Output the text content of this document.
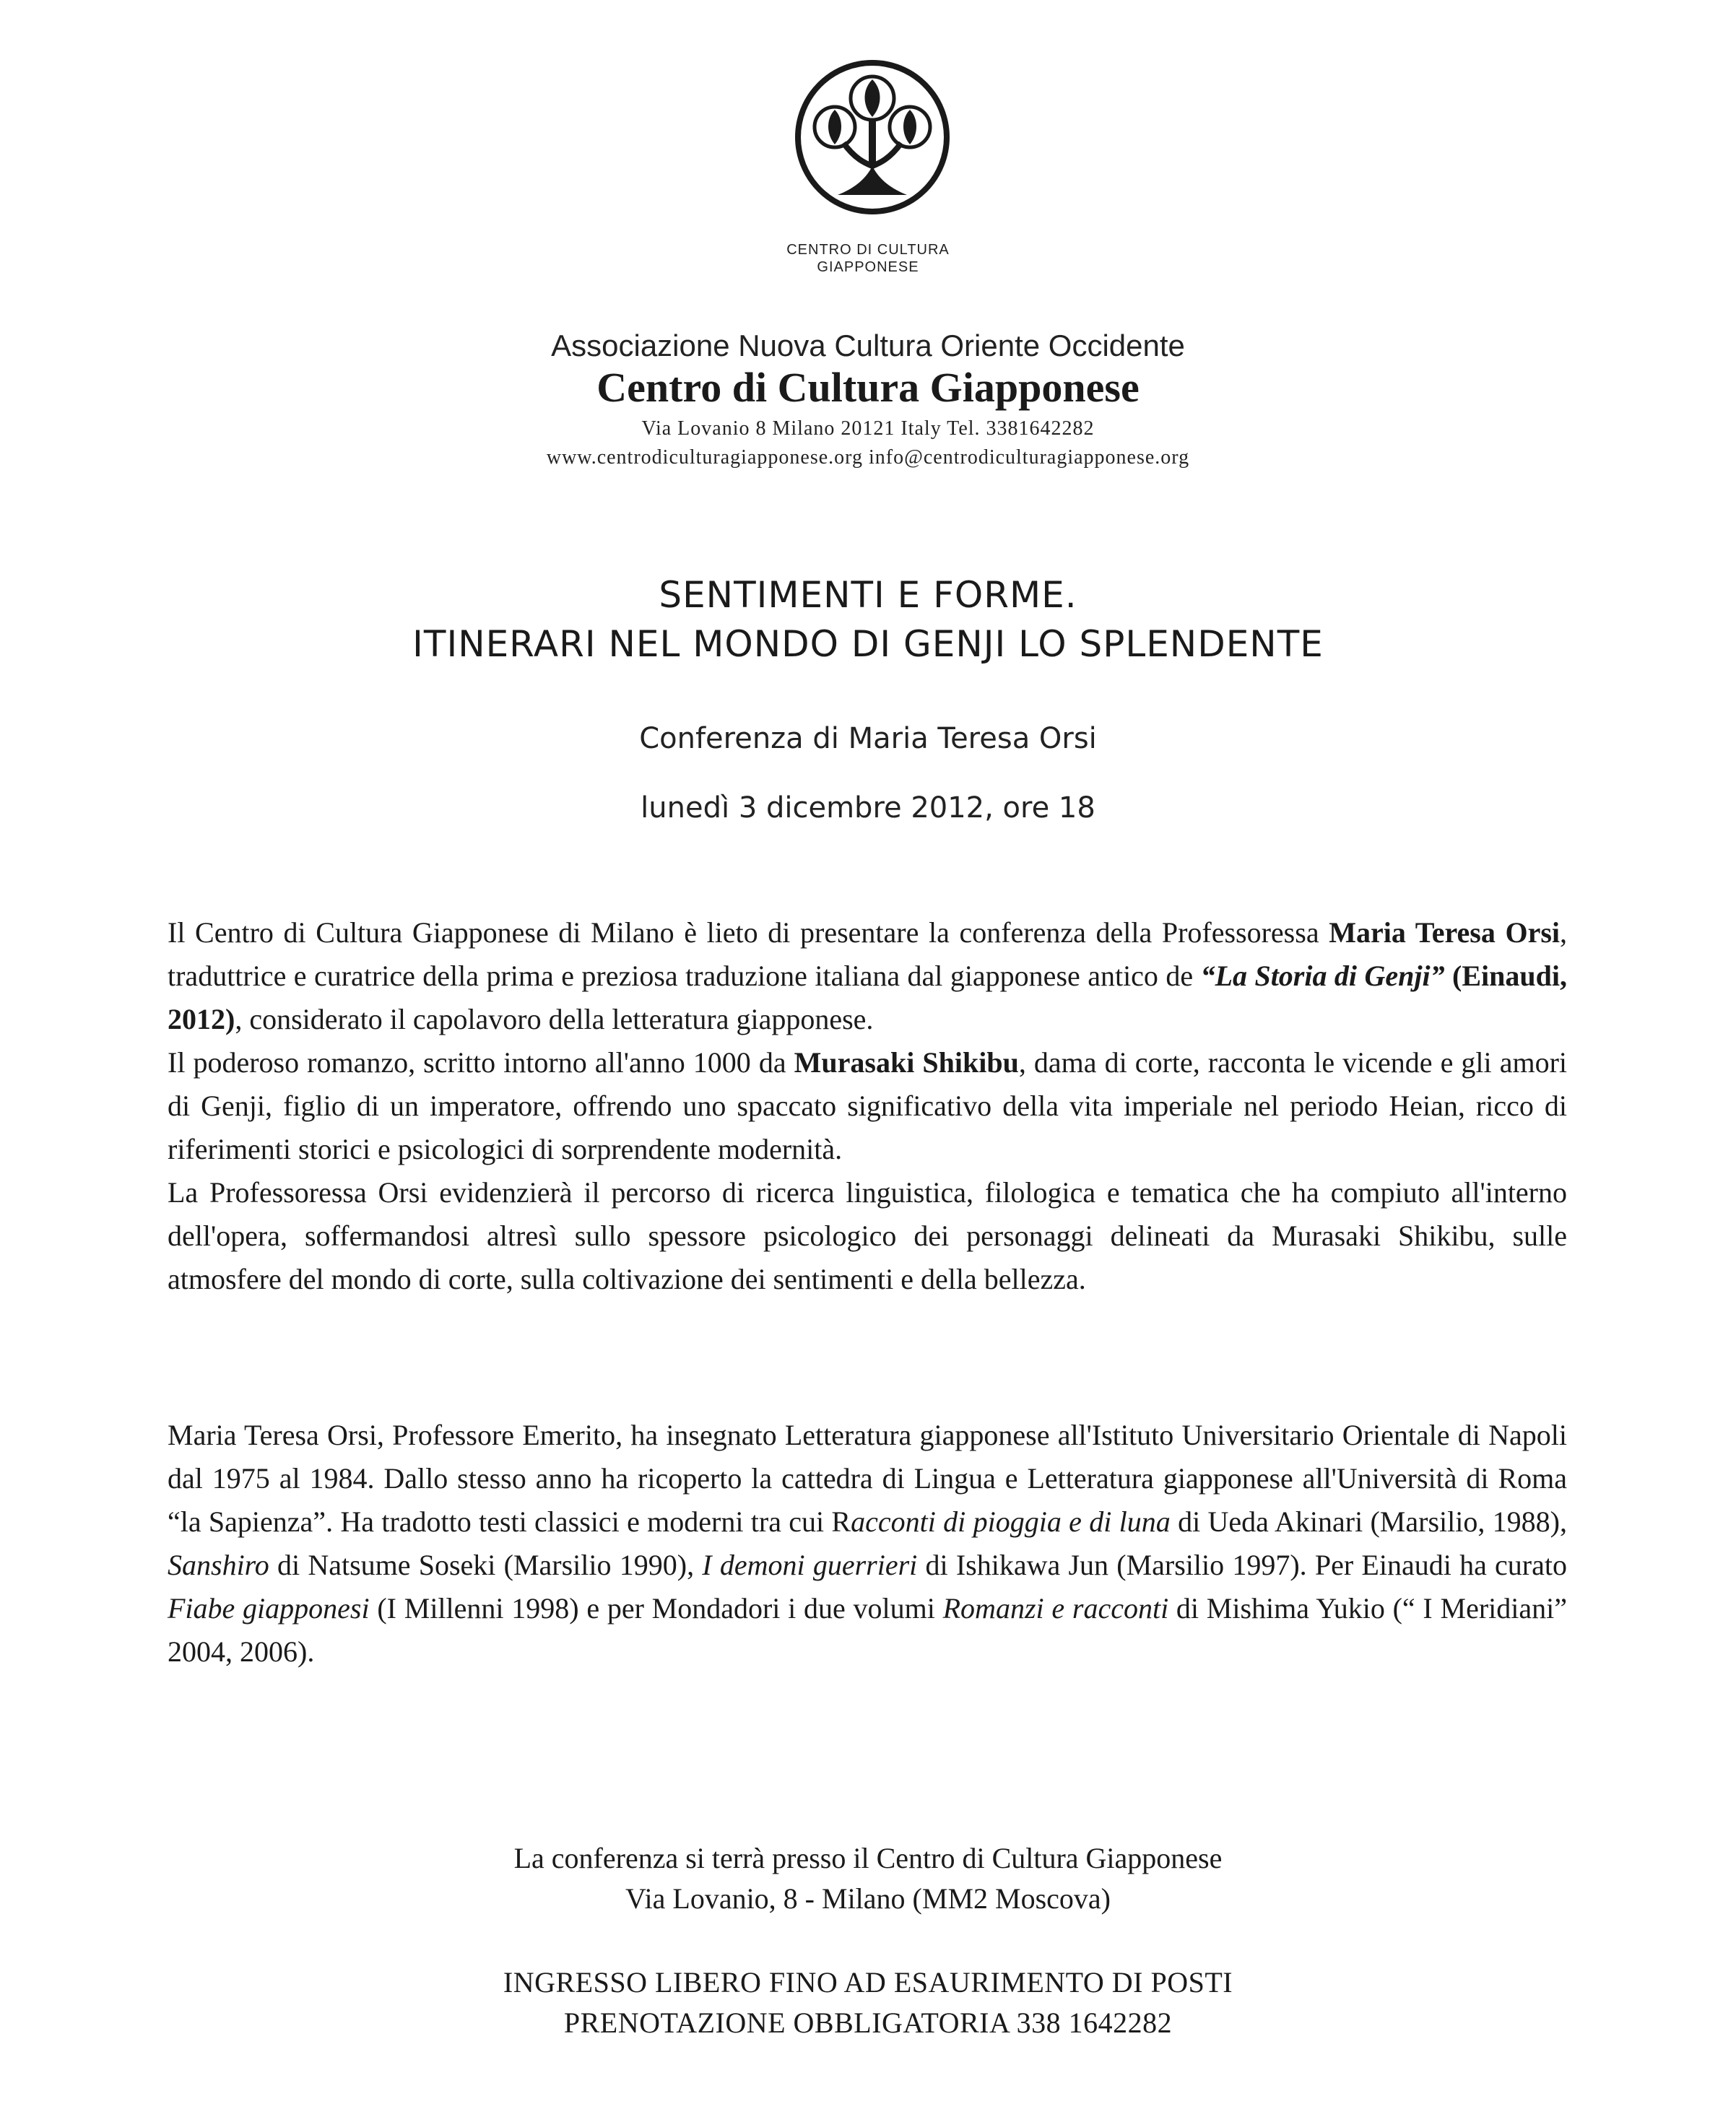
CENTRO DI CULTURA
GIAPPONESE
Associazione Nuova Cultura Oriente Occidente
Centro di Cultura Giapponese
Via Lovanio 8 Milano 20121 Italy Tel. 3381642282
www.centrodiculturagiapponese.org info@centrodiculturagiapponese.org
SENTIMENTI E FORME.
ITINERARI NEL MONDO DI GENJI LO SPLENDENTE
Conferenza di Maria Teresa Orsi
lunedì 3 dicembre 2012, ore 18

Il Centro di Cultura Giapponese di Milano è lieto di presentare la conferenza della Professoressa Maria Teresa Orsi, traduttrice e curatrice della prima e preziosa traduzione italiana dal giapponese antico de “La Storia di Genji” (Einaudi, 2012), considerato il capolavoro della letteratura giapponese.

Il poderoso romanzo, scritto intorno all'anno 1000 da Murasaki Shikibu, dama di corte, racconta le vicende e gli amori di Genji, figlio di un imperatore, offrendo uno spaccato significativo della vita imperiale nel periodo Heian, ricco di riferimenti storici e psicologici di sorprendente modernità.

La Professoressa Orsi evidenzierà il percorso di ricerca linguistica, filologica e tematica che ha compiuto all'interno dell'opera, soffermandosi altresì sullo spessore psicologico dei personaggi delineati da Murasaki Shikibu, sulle atmosfere del mondo di corte, sulla coltivazione dei sentimenti e della bellezza.

Maria Teresa Orsi, Professore Emerito, ha insegnato Letteratura giapponese all'Istituto Universitario Orientale di Napoli dal 1975 al 1984. Dallo stesso anno ha ricoperto la cattedra di Lingua e Letteratura giapponese all'Università di Roma “la Sapienza”. Ha tradotto testi classici e moderni tra cui Racconti di pioggia e di luna di Ueda Akinari (Marsilio, 1988), Sanshiro di Natsume Soseki (Marsilio 1990), I demoni guerrieri di Ishikawa Jun (Marsilio 1997). Per Einaudi ha curato Fiabe giapponesi (I Millenni 1998) e per Mondadori i due volumi Romanzi e racconti di Mishima Yukio (“ I Meridiani” 2004, 2006).

La conferenza si terrà presso il Centro di Cultura Giapponese
Via Lovanio, 8 - Milano (MM2 Moscova)
INGRESSO LIBERO FINO AD ESAURIMENTO DI POSTI
PRENOTAZIONE OBBLIGATORIA 338 1642282
